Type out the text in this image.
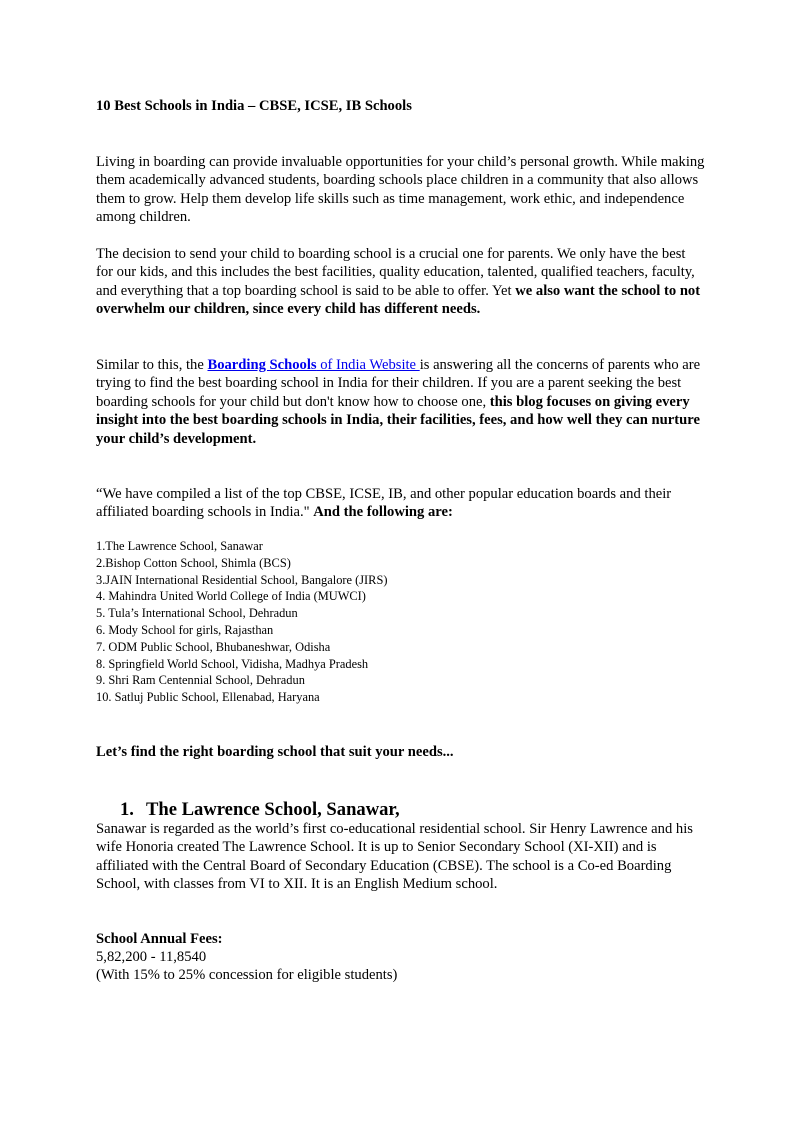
10 Best Schools in India – CBSE, ICSE, IB Schools

Living in boarding can provide invaluable opportunities for your child’s personal growth. While making them academically advanced students, boarding schools place children in a community that also allows them to grow. Help them develop life skills such as time management, work ethic, and independence among children.

The decision to send your child to boarding school is a crucial one for parents. We only have the best for our kids, and this includes the best facilities, quality education, talented, qualified teachers, faculty, and everything that a top boarding school is said to be able to offer. Yet we also want the school to not overwhelm our children, since every child has different needs.

Similar to this, the Boarding Schools of India Website is answering all the concerns of parents who are trying to find the best boarding school in India for their children. If you are a parent seeking the best boarding schools for your child but don't know how to choose one, this blog focuses on giving every insight into the best boarding schools in India, their facilities, fees, and how well they can nurture your child’s development.

“We have compiled a list of the top CBSE, ICSE, IB, and other popular education boards and their affiliated boarding schools in India." And the following are:

1.The Lawrence School, Sanawar
2.Bishop Cotton School, Shimla (BCS)
3.JAIN International Residential School, Bangalore (JIRS)
4. Mahindra United World College of India (MUWCI)
5. Tula’s International School, Dehradun
6. Mody School for girls, Rajasthan
7. ODM Public School, Bhubaneshwar, Odisha
8. Springfield World School, Vidisha, Madhya Pradesh
9. Shri Ram Centennial School, Dehradun
10. Satluj Public School, Ellenabad, Haryana

Let’s find the right boarding school that suit your needs...

1. The Lawrence School, Sanawar,

Sanawar is regarded as the world’s first co-educational residential school. Sir Henry Lawrence and his wife Honoria created The Lawrence School. It is up to Senior Secondary School (XI-XII) and is affiliated with the Central Board of Secondary Education (CBSE). The school is a Co-ed Boarding School, with classes from VI to XII. It is an English Medium school.

School Annual Fees:

5,82,200 - 11,8540

(With 15% to 25% concession for eligible students)
